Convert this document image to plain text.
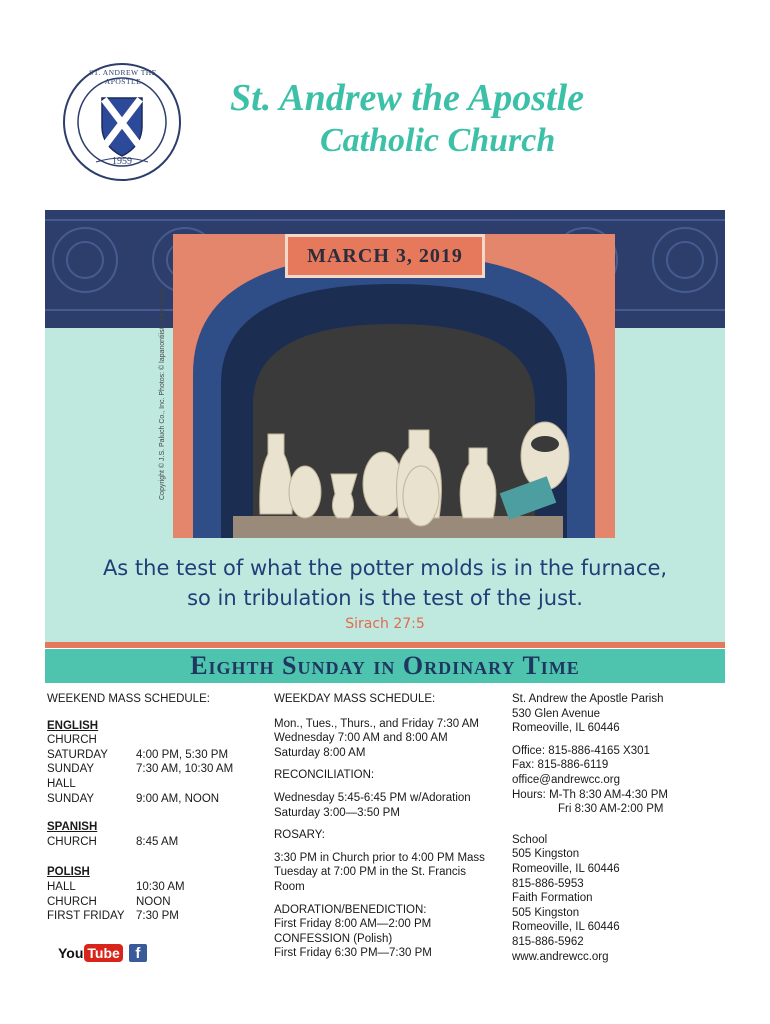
ST. ANDREW THE APOSTLE
1959
St. Andrew the Apostle
Catholic Church
MARCH 3, 2019
Copyright © J.S. Paluch Co., Inc. Photos: © lapanontiis/Adobe Stock
As the test of what the potter molds is in the furnace,
so in tribulation is the test of the just.
Sirach 27:5
Eighth Sunday in Ordinary Time
WEEKEND MASS SCHEDULE:
ENGLISH
CHURCH
SATURDAY	4:00 PM, 5:30 PM
SUNDAY	7:30 AM, 10:30 AM
HALL
SUNDAY	9:00 AM, NOON
SPANISH
CHURCH	8:45 AM
POLISH
HALL	10:30 AM
CHURCH	NOON
FIRST FRIDAY 7:30 PM
You Tube	f
WEEKDAY MASS SCHEDULE:
Mon., Tues., Thurs., and Friday 7:30 AM
Wednesday 7:00 AM and 8:00 AM
Saturday 8:00 AM
RECONCILIATION:
Wednesday 5:45-6:45 PM w/Adoration
Saturday 3:00—3:50 PM
ROSARY:
3:30 PM in Church prior to 4:00 PM Mass
Tuesday at 7:00 PM in the St. Francis
Room
ADORATION/BENEDICTION:
First Friday 8:00 AM—2:00 PM
CONFESSION (Polish)
First Friday 6:30 PM—7:30 PM
St. Andrew the Apostle Parish
530 Glen Avenue
Romeoville, IL 60446
Office: 815-886-4165 X301
Fax: 815-886-6119
office@andrewcc.org
Hours: M-Th 8:30 AM-4:30 PM
Fri 8:30 AM-2:00 PM
School
505 Kingston
Romeoville, IL 60446
815-886-5953
Faith Formation
505 Kingston
Romeoville, IL 60446
815-886-5962
www.andrewcc.org
